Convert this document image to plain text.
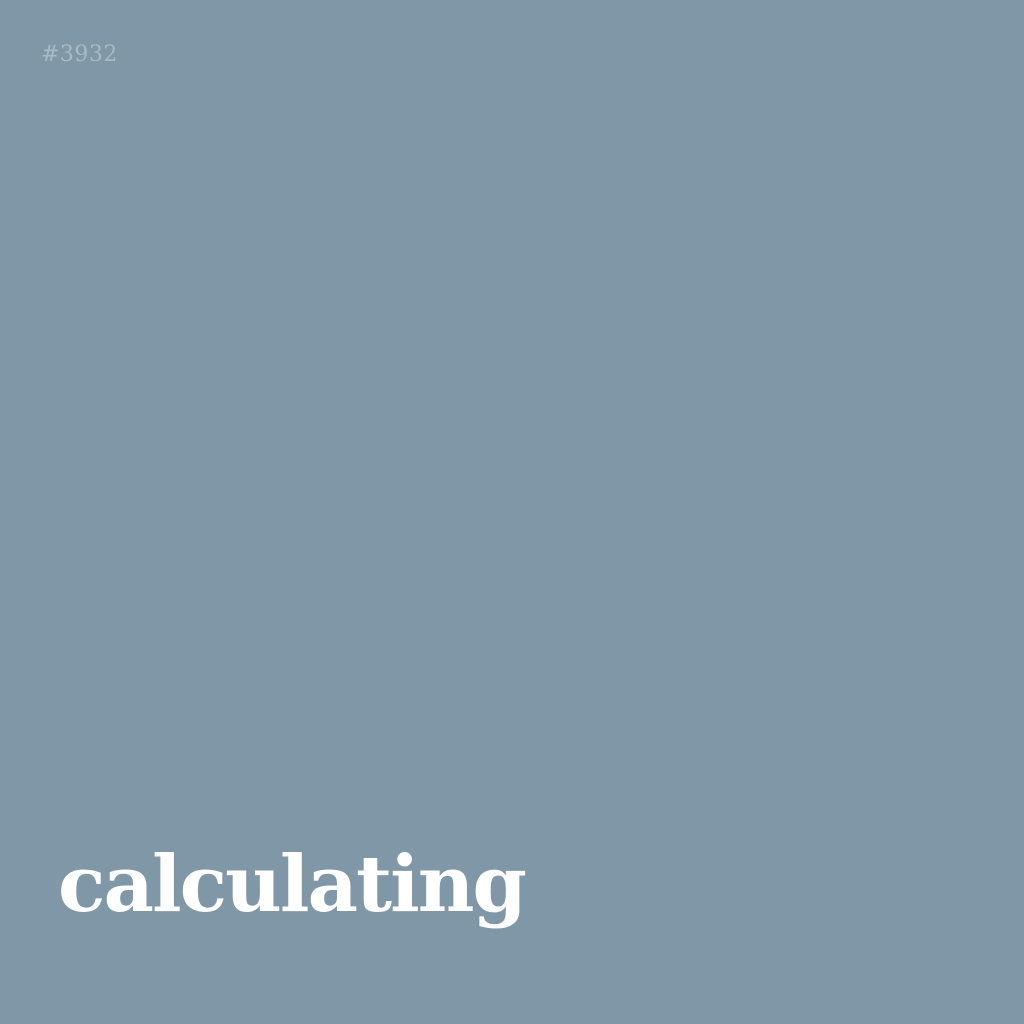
#3932
calculating
